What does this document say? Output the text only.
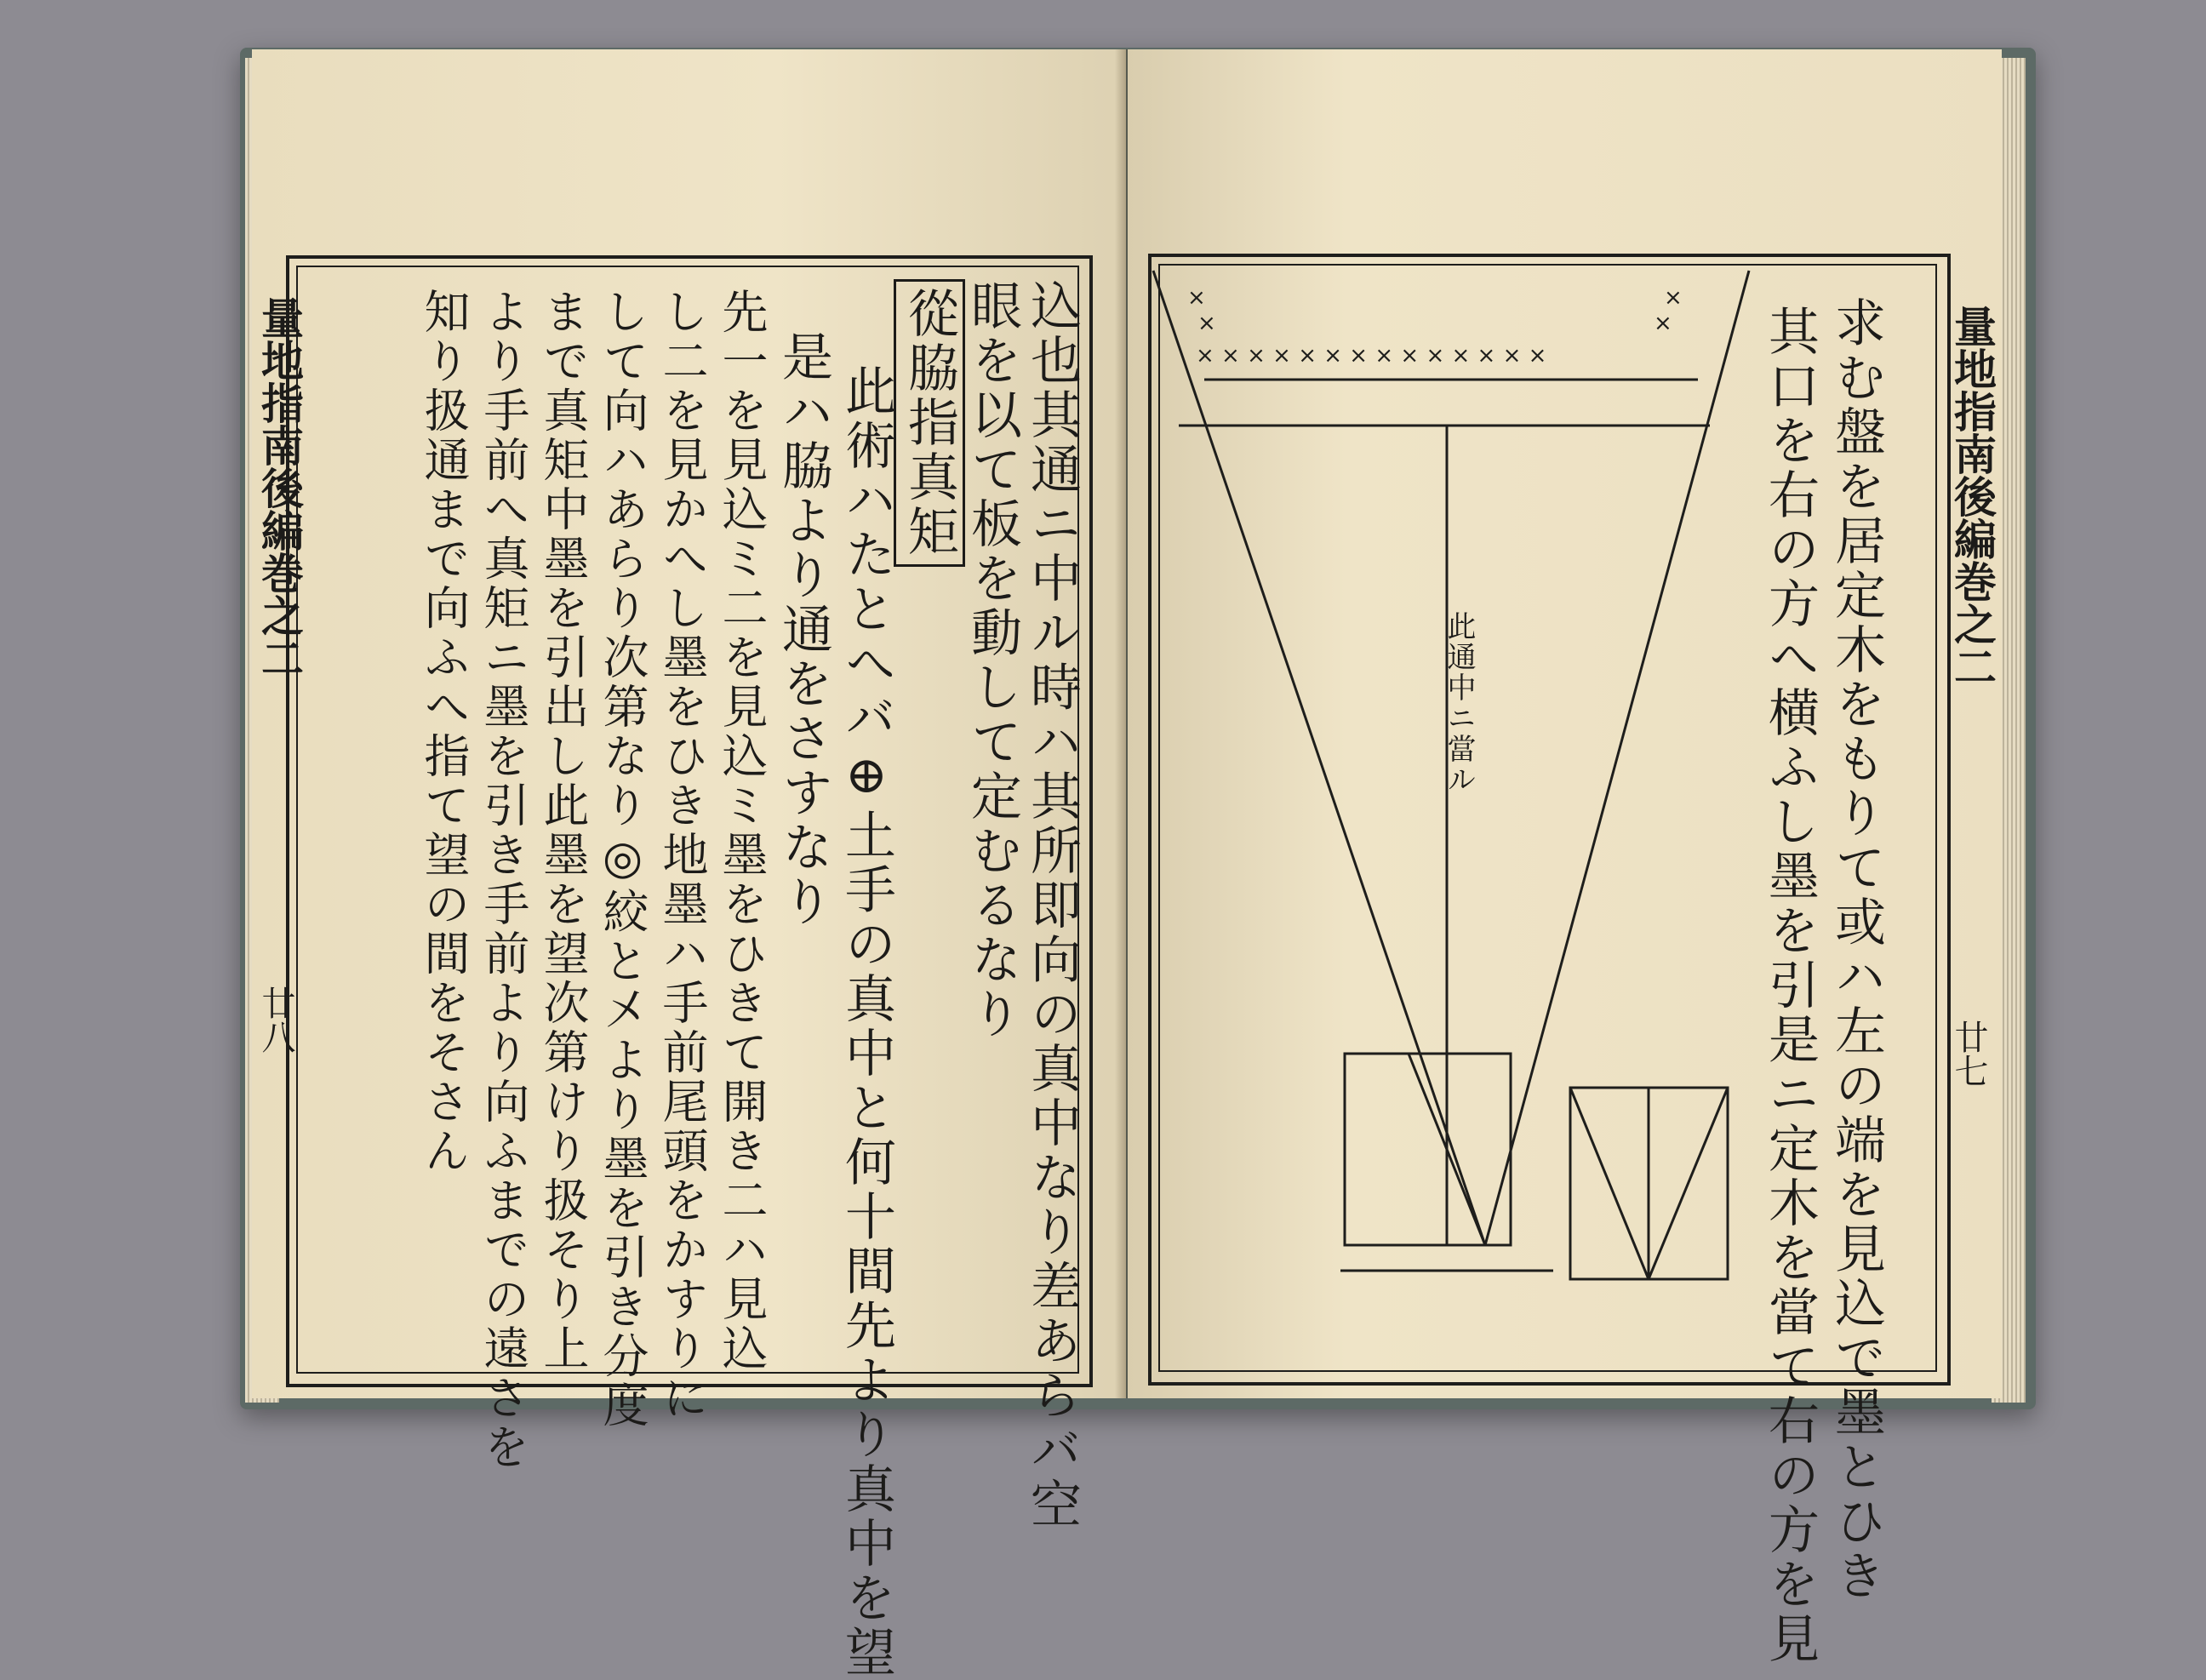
量地指南後編巻之二
廿八	込也其通ニ中ル時ハ其所即向の真中なり差あらバ空
眼を以て板を動して定むるなり
從脇指真矩
此術ハたとへバ⊕土手の真中と何十間先より真中を望
是ハ脇より通をさすなり
先一を見込ミ二を見込ミ墨をひきて開き二ハ見込
し二を見かへし墨をひき地墨ハ手前尾頭をかすりに
して向ハあらり次第なり◎絞と㐅より墨を引き分度
まで真矩中墨を引出し此墨を望次第けり扱そり上
より手前へ真矩ニ墨を引き手前より向ふまでの遠さを
知り扱通まで向ふへ指て望の間をそさん	× × × × × × × × × × × × × ×
×
×
×
×
此通中ニ當ル	求む盤を居定木をもりて或ハ左の端を見込で墨とひき
其口を右の方へ横ふし墨を引是ニ定木を當て右の方を見	量地指南後編巻之二
廿七
